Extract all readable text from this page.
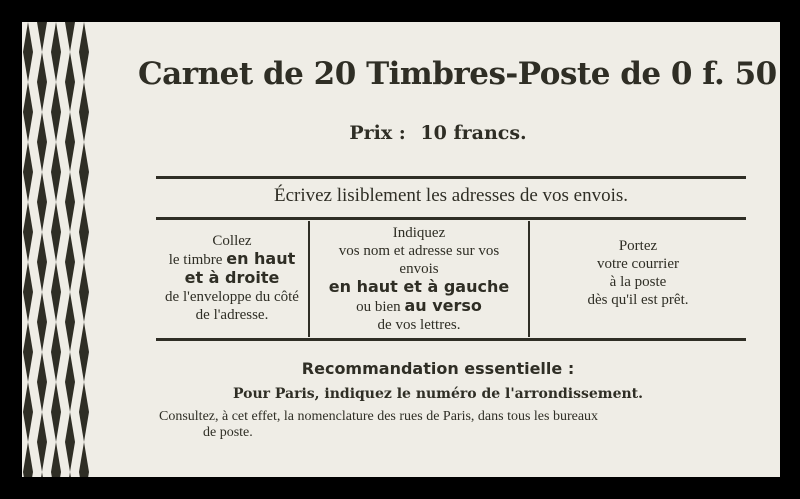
Carnet de 20 Timbres-Poste de 0 f. 50
Prix : 10 francs.
Écrivez lisiblement les adresses de vos envois.
Collez
le timbre en haut
et à droite
de l'enveloppe du côté
de l'adresse.
Indiquez
vos nom et adresse sur vos
envois
en haut et à gauche
ou bien au verso
de vos lettres.
Portez
votre courrier
à la poste
dès qu'il est prêt.
Recommandation essentielle :
Pour Paris, indiquez le numéro de l'arrondissement.
Consultez, à cet effet, la nomenclature des rues de Paris, dans tous les bureaux
de poste.
